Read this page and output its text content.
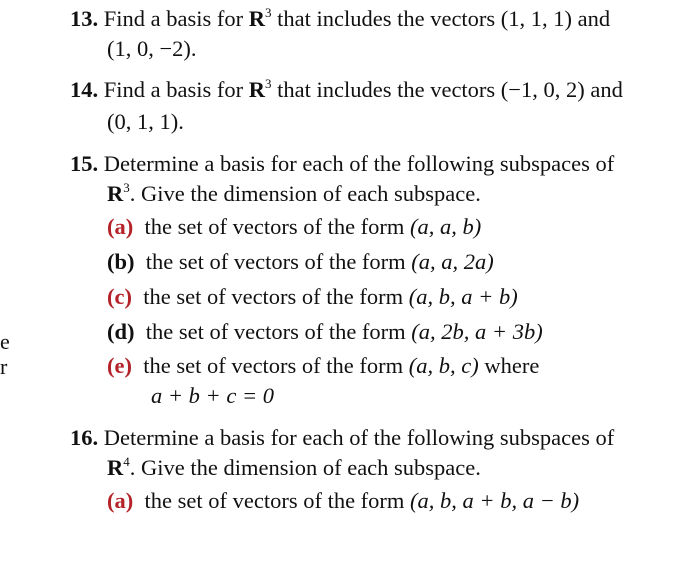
e
r
13. Find a basis for $R^3$ that includes the vectors (1, 1, 1) and
(1, 0, −2).
14. Find a basis for $R^3$ that includes the vectors (−1, 0, 2) and
(0, 1, 1).
15. Determine a basis for each of the following subspaces of
$R^3$. Give the dimension of each subspace.
(a) the set of vectors of the form (a, a, b)
(b) the set of vectors of the form (a, a, 2a)
(c) the set of vectors of the form (a, b, a + b)
(d) the set of vectors of the form (a, 2b, a + 3b)
(e) the set of vectors of the form (a, b, c) where
a + b + c = 0
16. Determine a basis for each of the following subspaces of
$R^4$. Give the dimension of each subspace.
(a) the set of vectors of the form (a, b, a + b, a − b)
